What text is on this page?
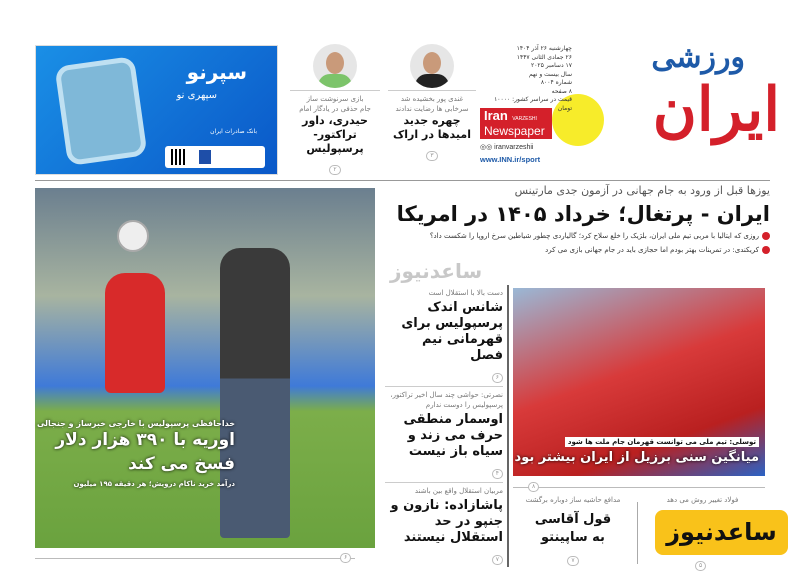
ورزشی
ایران
چهارشنبه ۲۶ آذر ۱۴۰۴
۲۶ جمادی الثانی ۱۴۴۷
۱۷ دسامبر ۲۰۲۵
سال بیست و نهم
شماره ۸۰۰۴
۸ صفحه
قیمت در سراسر کشور: ۱۰۰۰۰ تومان
Iran VARZESHI
Newspaper
◎◎ iranvarzeshii
www.INN.ir/sport
غندی پور بخشیده شد
سرخابی ها رضایت ندادند
چهره جدید
امیدها در اراک
۳
بازی سرنوشت ساز
جام حذفی در یادگار امام
حیدری، داور
تراکتور-پرسپولیس
۲
سپرنو
سپهری نو
بانک صادرات ایران
یوزها قبل از ورود به جام جهانی در آزمون جدی مارتینس
ایران - پرتغال؛ خرداد ۱۴۰۵ در امریکا
روزی که ایتالیا با مربی تیم ملی ایران، بلژیک را خلع سلاح کرد؛ گالیاردی چطور شیاطین سرخ اروپا را شکست داد؟
کریکندی: در تمرینات بهتر بودم اما حجازی باید در جام جهانی بازی می کرد
خداحافظی پرسپولیس با خارجی خبرساز و جنجالی
اوریه با ۳۹۰ هزار دلار
فسخ می کند
درآمد خرید ناکام درویش؛ هر دقیقه ۱۹۵ میلیون
۶
ساعدنیوز
دست بالا با استقلال است
شانس اندک پرسپولیس برای قهرمانی نیم فصل
۶
نصرتی: حواشی چند سال اخیر تراکتور، پرسپولیس را دوست ندارم
اوسمار منطقی حرف می زند و سیاه باز نیست
۴
مربیان استقلال واقع بین باشند
پاشازاده: نازون و جنپو در حد استقلال نیستند
۷
توسلی: تیم ملی می توانست قهرمان جام ملت ها شود
میانگین سنی برزیل از ایران بیشتر بود
۸
فولاد تغییر روش می دهد
مدافع حاشیه ساز دوباره برگشت
قول آقاسی
به ساپینتو
۷
ساعدنیوز
۵
